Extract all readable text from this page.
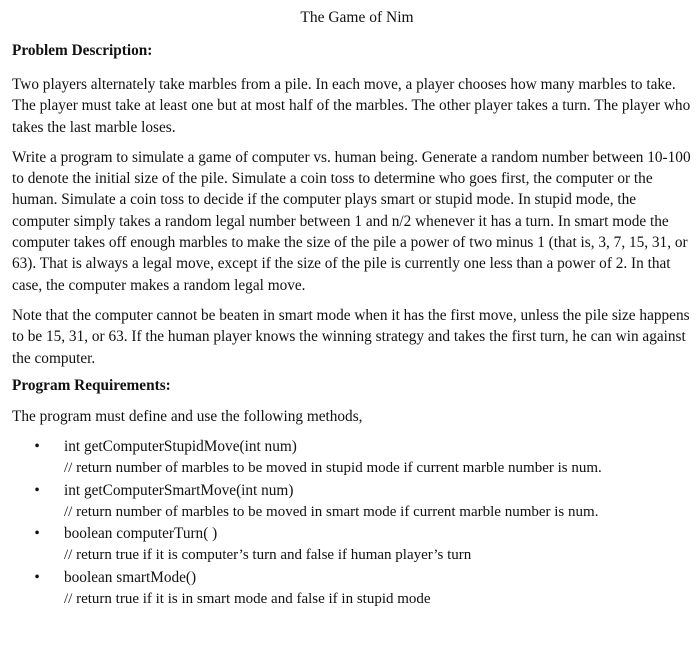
The Game of Nim
Problem Description:

Two players alternately take marbles from a pile. In each move, a player chooses how many marbles to take. The player must take at least one but at most half of the marbles. The other player takes a turn. The player who takes the last marble loses.

Write a program to simulate a game of computer vs. human being. Generate a random number between 10-100 to denote the initial size of the pile. Simulate a coin toss to determine who goes first, the computer or the human. Simulate a coin toss to decide if the computer plays smart or stupid mode. In stupid mode, the computer simply takes a random legal number between 1 and n/2 whenever it has a turn. In smart mode the computer takes off enough marbles to make the size of the pile a power of two minus 1 (that is, 3, 7, 15, 31, or 63). That is always a legal move, except if the size of the pile is currently one less than a power of 2. In that case, the computer makes a random legal move.

Note that the computer cannot be beaten in smart mode when it has the first move, unless the pile size happens to be 15, 31, or 63. If the human player knows the winning strategy and takes the first turn, he can win against the computer.

Program Requirements:

The program must define and use the following methods,

• int getComputerStupidMove(int num)
// return number of marbles to be moved in stupid mode if current marble number is num.
• int getComputerSmartMove(int num)
// return number of marbles to be moved in smart mode if current marble number is num.
• boolean computerTurn( )
// return true if it is computer’s turn and false if human player’s turn
• boolean smartMode()
// return true if it is in smart mode and false if in stupid mode
